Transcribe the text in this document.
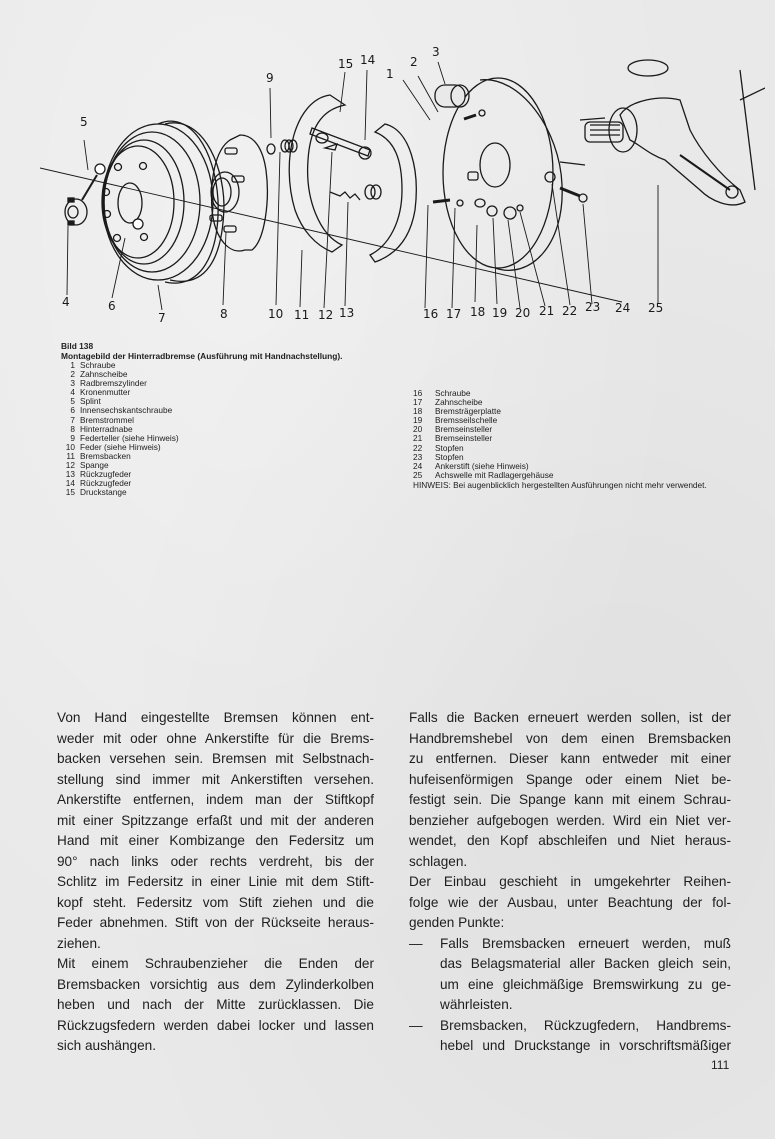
9
15 14
1
2
3
5
4	6
7	8	10 11 12 13	16 17 18 19 20 21 22 23 24 25
Bild 138
Montagebild der Hinterradbremse (Ausführung mit Handnachstellung).
1 Schraube
2 Zahnscheibe
3 Radbremszylinder
4 Kronenmutter
5 Splint
6 Innensechskantschraube
7 Bremstrommel
8 Hinterradnabe
9 Federteller (siehe Hinweis)
10 Feder (siehe Hinweis)
11 Bremsbacken
12 Spange
13 Rückzugfeder
14 Rückzugfeder
15 Druckstange
16	Schraube
17	Zahnscheibe
18	Bremsträgerplatte
19	Bremsseilschelle
20	Bremseinsteller
21	Bremseinsteller
22	Stopfen
23	Stopfen
24	Ankerstift (siehe Hinweis)
25	Achswelle mit Radlagergehäuse
HINWEIS: Bei augenblicklich hergestellten Ausführungen nicht mehr verwendet.

Von Hand eingestellte Bremsen können ent-

weder mit oder ohne Ankerstifte für die Brems-

backen versehen sein. Bremsen mit Selbstnach-

stellung sind immer mit Ankerstiften versehen.

Ankerstifte entfernen, indem man der Stiftkopf

mit einer Spitzzange erfaßt und mit der anderen

Hand mit einer Kombizange den Federsitz um

90° nach links oder rechts verdreht, bis der

Schlitz im Federsitz in einer Linie mit dem Stift-

kopf steht. Federsitz vom Stift ziehen und die

Feder abnehmen. Stift von der Rückseite heraus-

ziehen.

Mit einem Schraubenzieher die Enden der

Bremsbacken vorsichtig aus dem Zylinderkolben

heben und nach der Mitte zurücklassen. Die

Rückzugsfedern werden dabei locker und lassen

sich aushängen.

Falls die Backen erneuert werden sollen, ist der

Handbremshebel von dem einen Bremsbacken

zu entfernen. Dieser kann entweder mit einer

hufeisenförmigen Spange oder einem Niet be-

festigt sein. Die Spange kann mit einem Schrau-

benzieher aufgebogen werden. Wird ein Niet ver-

wendet, den Kopf abschleifen und Niet heraus-

schlagen.

Der Einbau geschieht in umgekehrter Reihen-

folge wie der Ausbau, unter Beachtung der fol-

genden Punkte:

—	Falls Bremsbacken erneuert werden, muß
das Belagsmaterial aller Backen gleich sein,
um eine gleichmäßige Bremswirkung zu ge-
währleisten.
—	Bremsbacken, Rückzugfedern, Handbrems-
hebel und Druckstange in vorschriftsmäßiger
111
